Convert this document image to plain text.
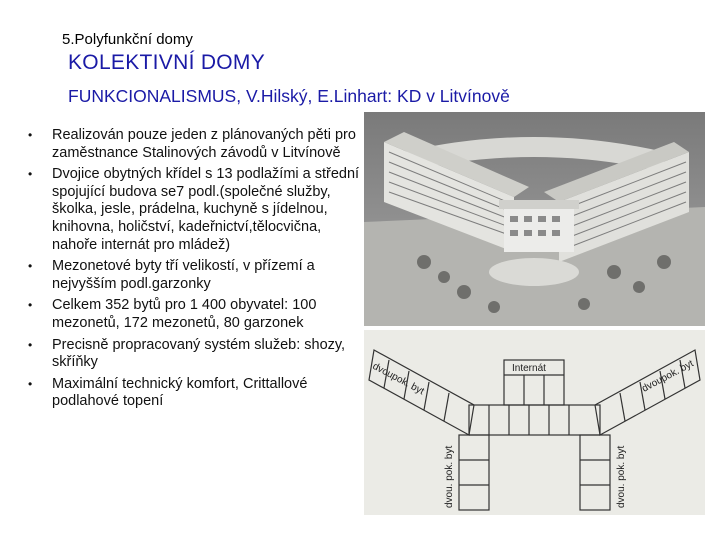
5.Polyfunkční domy
KOLEKTIVNÍ DOMY
FUNKCIONALISMUS, V.Hilský, E.Linhart: KD v Litvínově
• Realizován pouze jeden z plánovaných pěti pro zaměstnance Stalinových závodů v Litvínově
• Dvojice obytných křídel s 13 podlažími a střední spojující budova se7 podl.(společné služby, školka, jesle, prádelna, kuchyně s jídelnou, knihovna, holičství, kadeřnictví,tělocvična, nahoře internát pro mládež)
• Mezonetové byty tří velikostí, v přízemí a nejvyšším podl.garzonky
• Celkem 352 bytů pro 1 400 obyvatel: 100 mezonetů, 172 mezonetů, 80 garzonek
• Precisně propracovaný systém služeb: shozy, skříňky
• Maximální technický komfort, Crittallové podlahové topení
Internát
dvoupok. byt	dvoupok. byt
dvou. pok. byt	dvou. pok. byt
